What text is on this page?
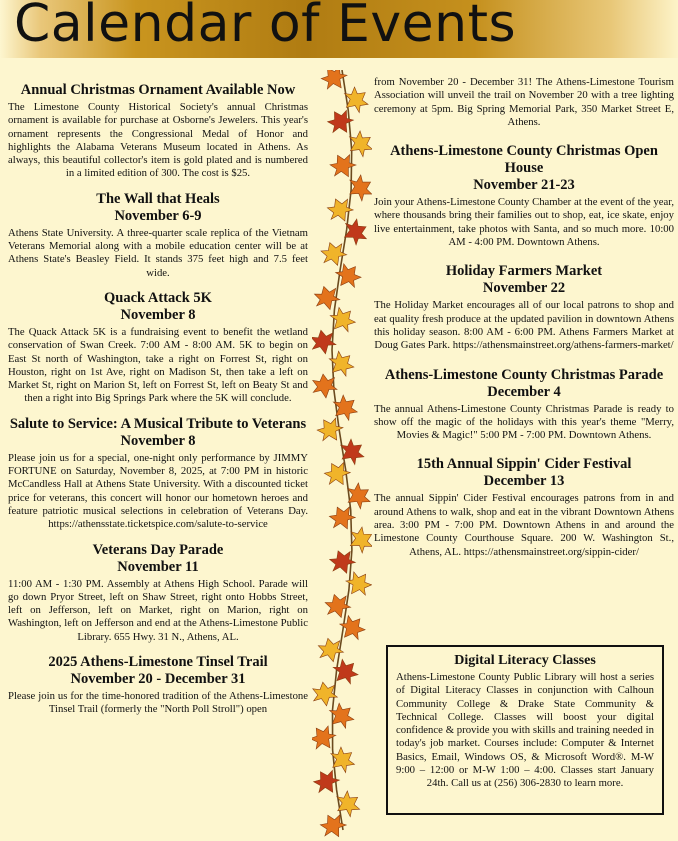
Calendar of Events
Annual Christmas Ornament Available Now

The Limestone County Historical Society's annual Christmas ornament is available for purchase at Osborne's Jewelers. This year's ornament represents the Congressional Medal of Honor and highlights the Alabama Veterans Museum located in Athens. As always, this beautiful collector's item is gold plated and is numbered in a limited edition of 300. The cost is $25.

The Wall that Heals
November 6-9

Athens State University. A three-quarter scale replica of the Vietnam Veterans Memorial along with a mobile education center will be at Athens State's Beasley Field. It stands 375 feet high and 7.5 feet wide.

Quack Attack 5K
November 8

The Quack Attack 5K is a fundraising event to benefit the wetland conservation of Swan Creek. 7:00 AM - 8:00 AM. 5K to begin on East St north of Washington, take a right on Forrest St, right on Houston, right on 1st Ave, right on Madison St, then take a left on Market St, right on Marion St, left on Forrest St, left on Beaty St and then a right into Big Springs Park where the 5K will conclude.

Salute to Service: A Musical Tribute to Veterans
November 8

Please join us for a special, one-night only performance by JIMMY FORTUNE on Saturday, November 8, 2025, at 7:00 PM in historic McCandless Hall at Athens State University. With a discounted ticket price for veterans, this concert will honor our hometown heroes and feature patriotic musical selections in celebration of Veterans Day. https://athensstate.ticketspice.com/salute-to-service

Veterans Day Parade
November 11

11:00 AM - 1:30 PM. Assembly at Athens High School. Parade will go down Pryor Street, left on Shaw Street, right onto Hobbs Street, left on Jefferson, left on Market, right on Marion, right on Washington, left on Jefferson and end at the Athens-Limestone Public Library. 655 Hwy. 31 N., Athens, AL.

2025 Athens-Limestone Tinsel Trail
November 20 - December 31

Please join us for the time-honored tradition of the Athens-Limestone Tinsel Trail (formerly the "North Poll Stroll") open

from November 20 - December 31! The Athens-Limestone Tourism Association will unveil the trail on November 20 with a tree lighting ceremony at 5pm. Big Spring Memorial Park, 350 Market Street E, Athens.

Athens-Limestone County Christmas Open House
November 21-23

Join your Athens-Limestone County Chamber at the event of the year, where thousands bring their families out to shop, eat, ice skate, enjoy live entertainment, take photos with Santa, and so much more. 10:00 AM - 4:00 PM. Downtown Athens.

Holiday Farmers Market
November 22

The Holiday Market encourages all of our local patrons to shop and eat quality fresh produce at the updated pavilion in downtown Athens this holiday season. 8:00 AM - 6:00 PM. Athens Farmers Market at Doug Gates Park. https://athensmainstreet.org/athens-farmers-market/

Athens-Limestone County Christmas Parade
December 4

The annual Athens-Limestone County Christmas Parade is ready to show off the magic of the holidays with this year's theme "Merry, Movies & Magic!" 5:00 PM - 7:00 PM. Downtown Athens.

15th Annual Sippin' Cider Festival
December 13

The annual Sippin' Cider Festival encourages patrons from in and around Athens to walk, shop and eat in the vibrant Downtown Athens area. 3:00 PM - 7:00 PM. Downtown Athens in and around the Limestone County Courthouse Square. 200 W. Washington St., Athens, AL. https://athensmainstreet.org/sippin-cider/

Digital Literacy Classes

Athens-Limestone County Public Library will host a series of Digital Literacy Classes in conjunction with Calhoun Community College & Drake State Community & Technical College. Classes will boost your digital confidence & provide you with skills and training needed in today's job market. Courses include: Computer & Internet Basics, Email, Windows OS, & Microsoft Word®. M-W 9:00 – 12:00 or M-W 1:00 – 4:00. Classes start January 24th. Call us at (256) 306-2830 to learn more.
